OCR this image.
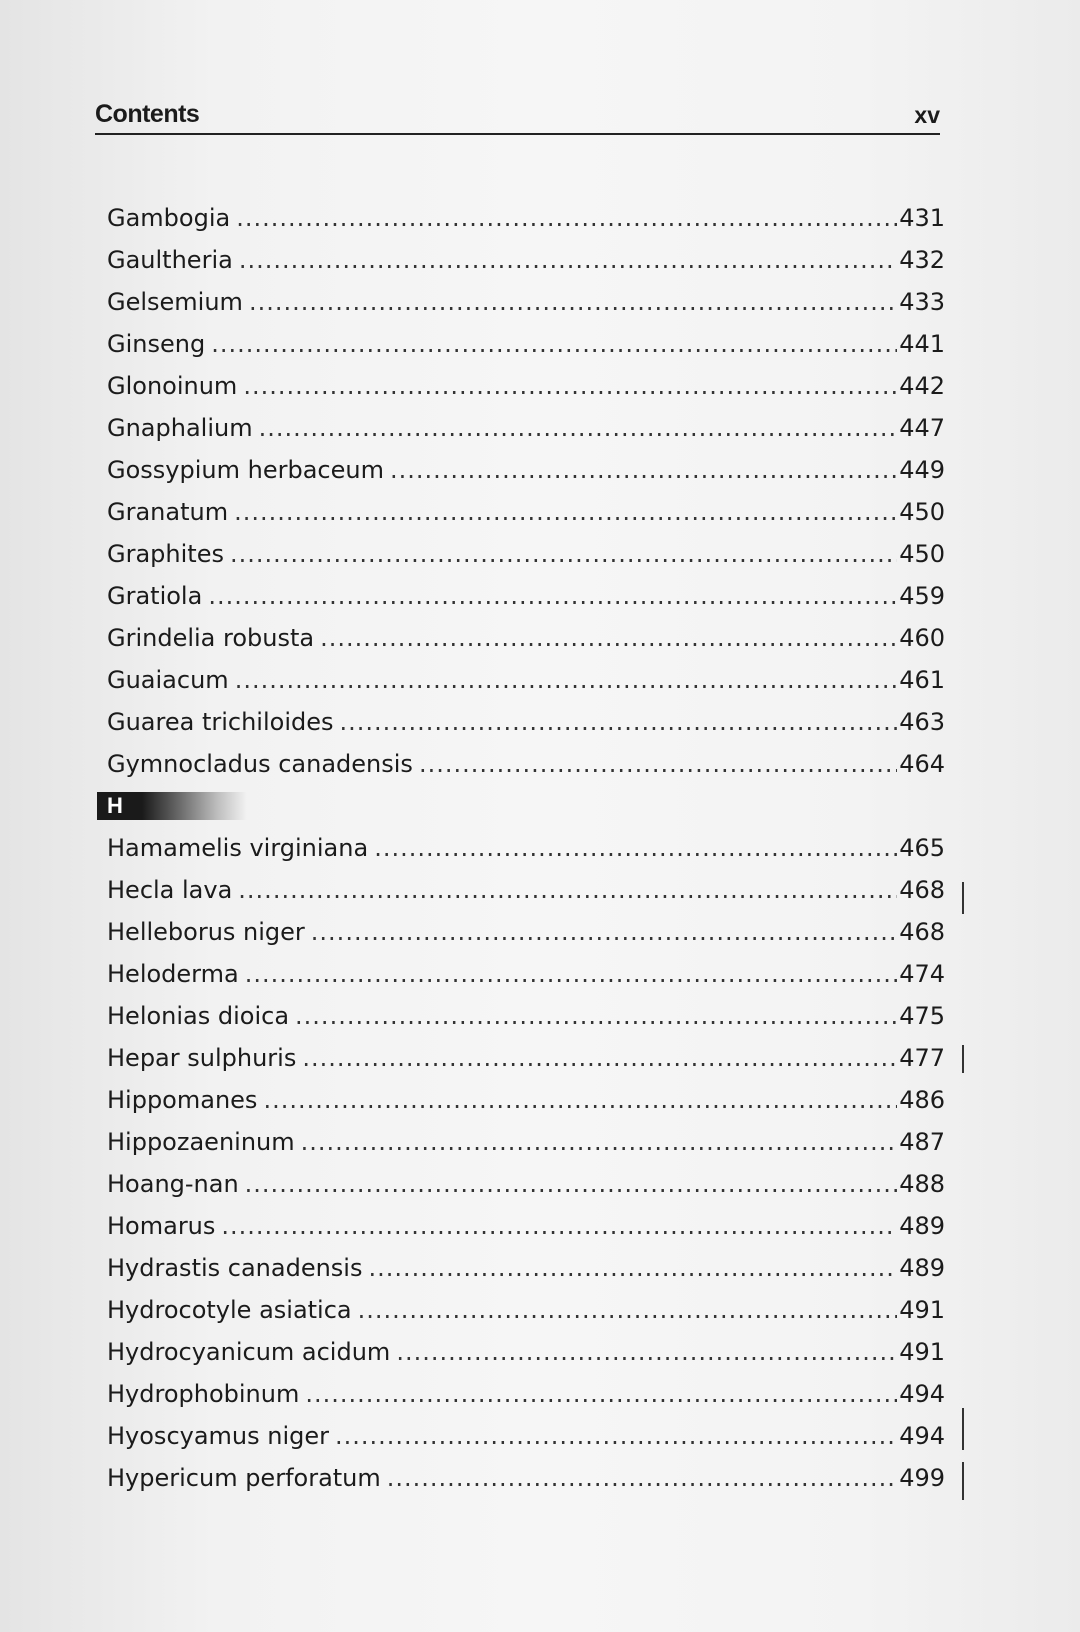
Contents	xv
Gambogia .....	431
Gaultheria .....	432
Gelsemium .....	433
Ginseng .....	441
Glonoinum .....	442
Gnaphalium .....	447
Gossypium herbaceum .....	449
Granatum .....	450
Graphites .....	450
Gratiola .....	459
Grindelia robusta .....	460
Guaiacum .....	461
Guarea trichiloides .....	463
Gymnocladus canadensis .....	464
H
Hamamelis virginiana .....	465
Hecla lava .....	468
Helleborus niger .....	468
Heloderma .....	474
Helonias dioica .....	475
Hepar sulphuris .....	477
Hippomanes .....	486
Hippozaeninum .....	487
Hoang-nan .....	488
Homarus .....	489
Hydrastis canadensis .....	489
Hydrocotyle asiatica .....	491
Hydrocyanicum acidum .....	491
Hydrophobinum .....	494
Hyoscyamus niger .....	494
Hypericum perforatum .....	499
